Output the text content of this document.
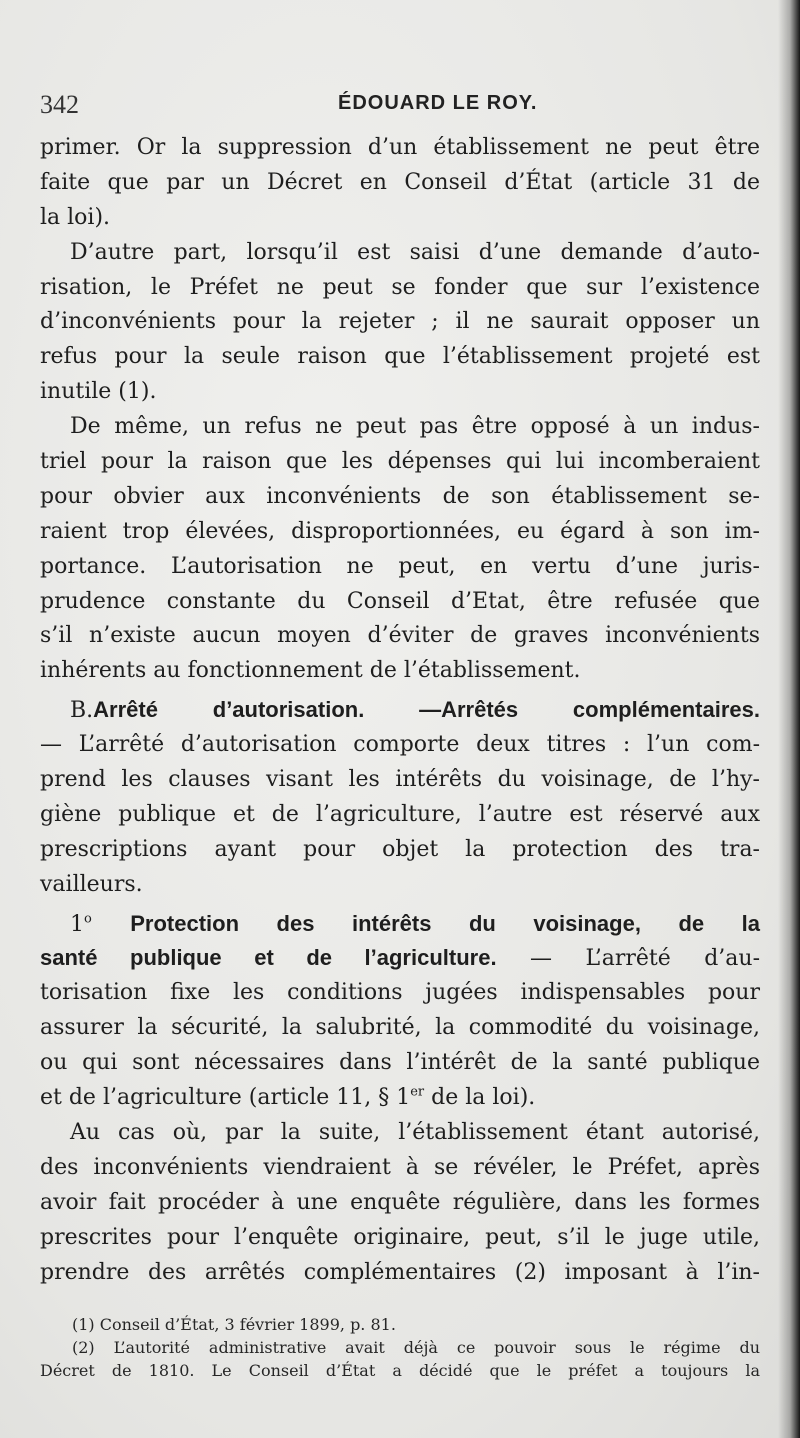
342	ÉDOUARD LE ROY.
primer. Or la suppression d’un établissement ne peut être
faite que par un Décret en Conseil d’État (article 31 de
la loi).
D’autre part, lorsqu’il est saisi d’une demande d’auto-
risation, le Préfet ne peut se fonder que sur l’existence
d’inconvénients pour la rejeter ; il ne saurait opposer un
refus pour la seule raison que l’établissement projeté est
inutile (1).
De même, un refus ne peut pas être opposé à un indus-
triel pour la raison que les dépenses qui lui incomberaient
pour obvier aux inconvénients de son établissement se-
raient trop élevées, disproportionnées, eu égard à son im-
portance. L’autorisation ne peut, en vertu d’une juris-
prudence constante du Conseil d’Etat, être refusée que
s’il n’existe aucun moyen d’éviter de graves inconvénients
inhérents au fonctionnement de l’établissement.
B.Arrêté d’autorisation. —Arrêtés complémentaires.
— L’arrêté d’autorisation comporte deux titres : l’un com-
prend les clauses visant les intérêts du voisinage, de l’hy-
giène publique et de l’agriculture, l’autre est réservé aux
prescriptions ayant pour objet la protection des tra-
vailleurs.
1$^o$ Protection des intérêts du voisinage, de la
santé publique et de l’agriculture. — L’arrêté d’au-
torisation fixe les conditions jugées indispensables pour
assurer la sécurité, la salubrité, la commodité du voisinage,
ou qui sont nécessaires dans l’intérêt de la santé publique
et de l’agriculture (article 11, § 1er de la loi).
Au cas où, par la suite, l’établissement étant autorisé,
des inconvénients viendraient à se révéler, le Préfet, après
avoir fait procéder à une enquête régulière, dans les formes
prescrites pour l’enquête originaire, peut, s’il le juge utile,
prendre des arrêtés complémentaires (2) imposant à l’in-
(1) Conseil d’État, 3 février 1899, p. 81.
(2) L’autorité administrative avait déjà ce pouvoir sous le régime du
Décret de 1810. Le Conseil d’État a décidé que le préfet a toujours la
